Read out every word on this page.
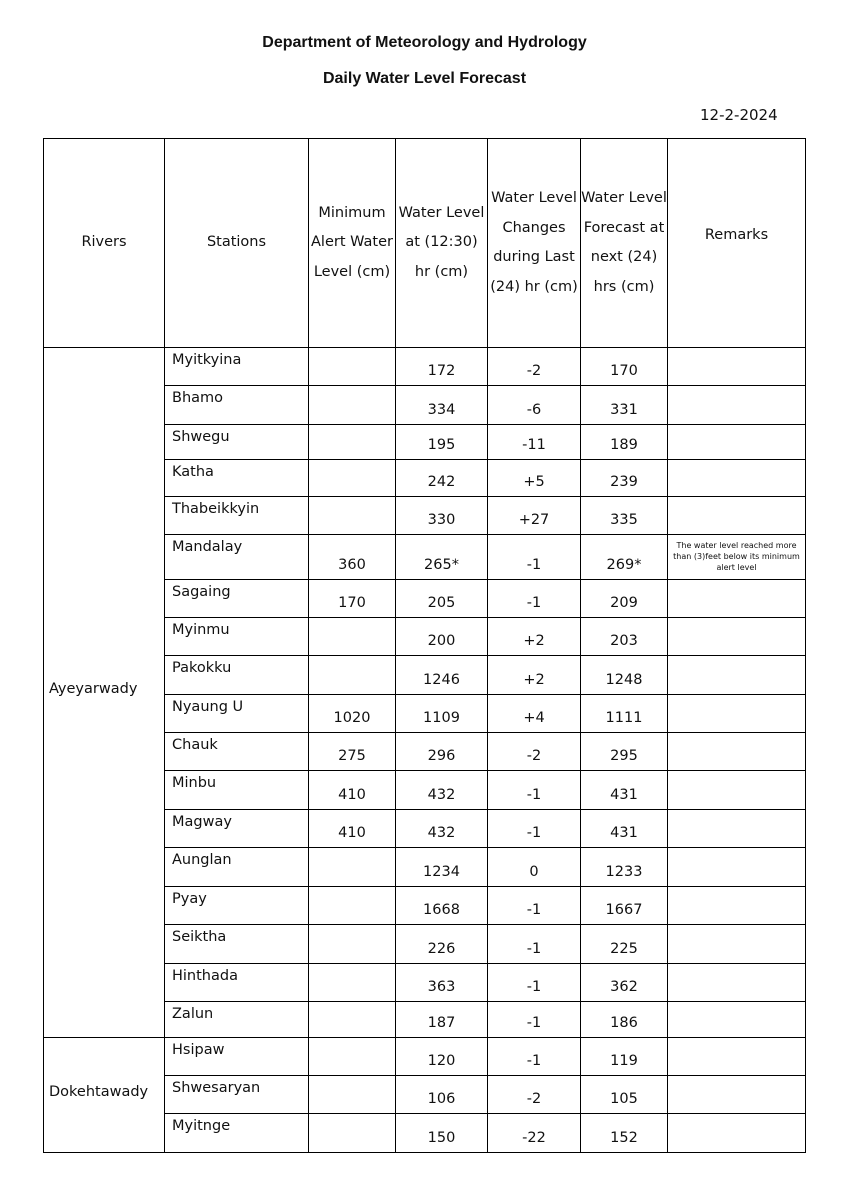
Department of Meteorology and Hydrology
Daily Water Level Forecast
12-2-2024
Rivers	Stations	Minimum Alert Water Level (cm)	Water Level at (12:30) hr (cm)	Water Level Changes during Last (24) hr (cm)	Water Level Forecast at next (24) hrs (cm)	Remarks
Ayeyarwady	Myitkyina		172	-2	170	
	Bhamo		334	-6	331	
	Shwegu		195	-11	189	
	Katha		242	+5	239	
	Thabeikkyin		330	+27	335	
	Mandalay	360	265*	-1	269*	The water level reached more than (3)feet below its minimum alert level
	Sagaing	170	205	-1	209	
	Myinmu		200	+2	203	
	Pakokku		1246	+2	1248	
	Nyaung U	1020	1109	+4	1111	
	Chauk	275	296	-2	295	
	Minbu	410	432	-1	431	
	Magway	410	432	-1	431	
	Aunglan		1234	0	1233	
	Pyay		1668	-1	1667	
	Seiktha		226	-1	225	
	Hinthada		363	-1	362	
	Zalun		187	-1	186	
Dokehtawady	Hsipaw		120	-1	119	
	Shwesaryan		106	-2	105	
	Myitnge		150	-22	152	
